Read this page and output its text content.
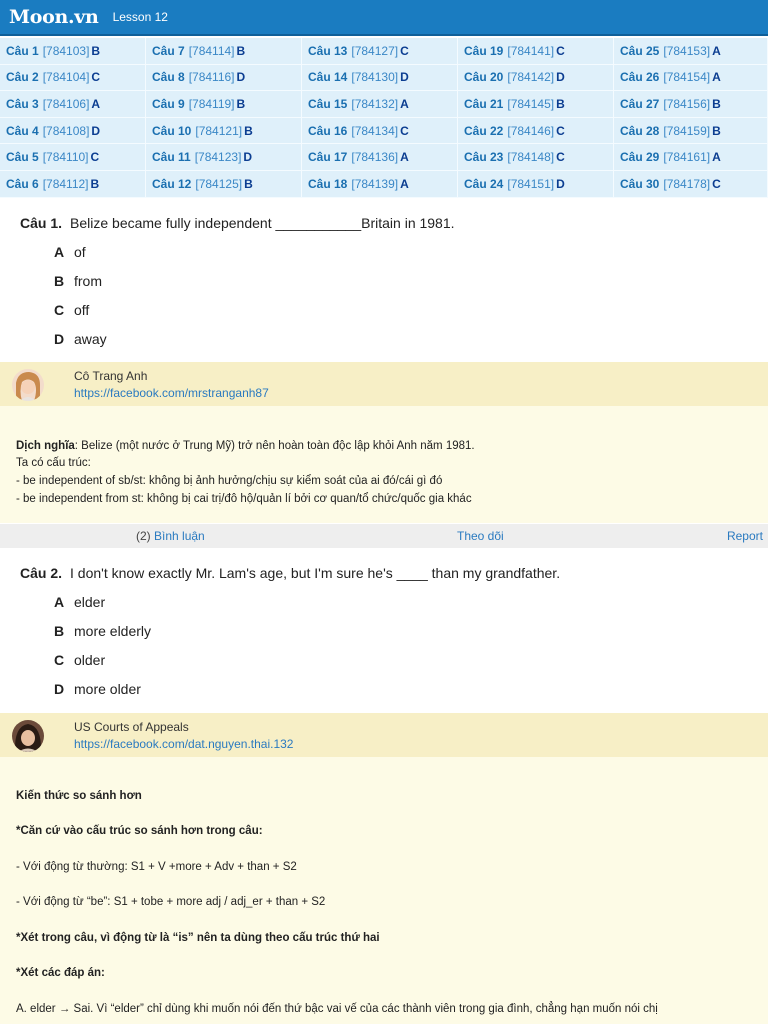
Moon.vn Lesson 12
Câu 1 [784103] B	Câu 7 [784114] B	Câu 13 [784127] C	Câu 19 [784141] C	Câu 25 [784153] A
Câu 2 [784104] C	Câu 8 [784116] D	Câu 14 [784130] D	Câu 20 [784142] D	Câu 26 [784154] A
Câu 3 [784106] A	Câu 9 [784119] B	Câu 15 [784132] A	Câu 21 [784145] B	Câu 27 [784156] B
Câu 4 [784108] D	Câu 10 [784121] B	Câu 16 [784134] C	Câu 22 [784146] C	Câu 28 [784159] B
Câu 5 [784110] C	Câu 11 [784123] D	Câu 17 [784136] A	Câu 23 [784148] C	Câu 29 [784161] A
Câu 6 [784112] B	Câu 12 [784125] B	Câu 18 [784139] A	Câu 24 [784151] D	Câu 30 [784178] C
Câu 1. Belize became fully independent ___________Britain in 1981.
A of
B from
C off
D away
Cô Trang Anh
https://facebook.com/mrstranganh87
Dịch nghĩa: Belize (một nước ở Trung Mỹ) trở nên hoàn toàn độc lập khỏi Anh năm 1981.
Ta có cấu trúc:
- be independent of sb/st: không bị ảnh hưởng/chịu sự kiểm soát của ai đó/cái gì đó
- be independent from st: không bị cai trị/đô hộ/quản lí bởi cơ quan/tổ chức/quốc gia khác
(2) Bình luận	Theo dõi	Report
Câu 2. I don't know exactly Mr. Lam's age, but I'm sure he's ____ than my grandfather.
A elder
B more elderly
C older
D more older
US Courts of Appeals
https://facebook.com/dat.nguyen.thai.132
Kiến thức so sánh hơn
*Căn cứ vào cấu trúc so sánh hơn trong câu:
- Với động từ thường: S1 + V +more + Adv + than + S2
- Với động từ “be”: S1 + tobe + more adj / adj_er + than + S2
*Xét trong câu, vì động từ là “is” nên ta dùng theo cấu trúc thứ hai
*Xét các đáp án:
A. elder → Sai. Vì “elder” chỉ dùng khi muốn nói đến thứ bậc vai vế của các thành viên trong gia đình, chẳng hạn muốn nói chị
